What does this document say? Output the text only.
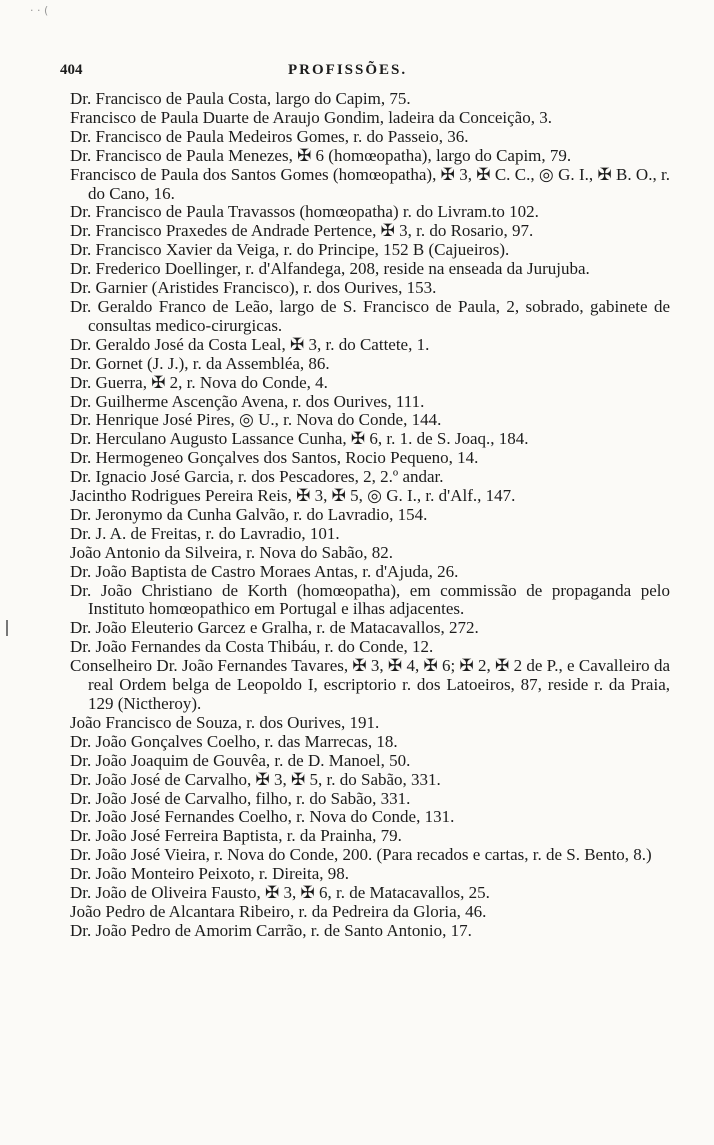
· · (
404	PROFISSÕES.
Dr. Francisco de Paula Costa, largo do Capim, 75.
Francisco de Paula Duarte de Araujo Gondim, ladeira da Conceição, 3.
Dr. Francisco de Paula Medeiros Gomes, r. do Passeio, 36.
Dr. Francisco de Paula Menezes, ✠ 6 (homœopatha), largo do Capim, 79.
Francisco de Paula dos Santos Gomes (homœopatha), ✠ 3, ✠ C. C., ◎ G. I., ✠ B. O., r. do Cano, 16.
Dr. Francisco de Paula Travassos (homœopatha) r. do Livram.to 102.
Dr. Francisco Praxedes de Andrade Pertence, ✠ 3, r. do Rosario, 97.
Dr. Francisco Xavier da Veiga, r. do Principe, 152 B (Cajueiros).
Dr. Frederico Doellinger, r. d'Alfandega, 208, reside na enseada da Jurujuba.
Dr. Garnier (Aristides Francisco), r. dos Ourives, 153.
Dr. Geraldo Franco de Leão, largo de S. Francisco de Paula, 2, sobrado, gabinete de consultas medico-cirurgicas.
Dr. Geraldo José da Costa Leal, ✠ 3, r. do Cattete, 1.
Dr. Gornet (J. J.), r. da Assembléa, 86.
Dr. Guerra, ✠ 2, r. Nova do Conde, 4.
Dr. Guilherme Ascenção Avena, r. dos Ourives, 111.
Dr. Henrique José Pires, ◎ U., r. Nova do Conde, 144.
Dr. Herculano Augusto Lassance Cunha, ✠ 6, r. 1. de S. Joaq., 184.
Dr. Hermogeneo Gonçalves dos Santos, Rocio Pequeno, 14.
Dr. Ignacio José Garcia, r. dos Pescadores, 2, 2.º andar.
Jacintho Rodrigues Pereira Reis, ✠ 3, ✠ 5, ◎ G. I., r. d'Alf., 147.
Dr. Jeronymo da Cunha Galvão, r. do Lavradio, 154.
Dr. J. A. de Freitas, r. do Lavradio, 101.
João Antonio da Silveira, r. Nova do Sabão, 82.
Dr. João Baptista de Castro Moraes Antas, r. d'Ajuda, 26.
Dr. João Christiano de Korth (homœopatha), em commissão de propaganda pelo Instituto homœopathico em Portugal e ilhas adjacentes.
Dr. João Eleuterio Garcez e Gralha, r. de Matacavallos, 272.
Dr. João Fernandes da Costa Thibáu, r. do Conde, 12.
Conselheiro Dr. João Fernandes Tavares, ✠ 3, ✠ 4, ✠ 6; ✠ 2, ✠ 2 de P., e Cavalleiro da real Ordem belga de Leopoldo I, escriptorio r. dos Latoeiros, 87, reside r. da Praia, 129 (Nictheroy).
João Francisco de Souza, r. dos Ourives, 191.
Dr. João Gonçalves Coelho, r. das Marrecas, 18.
Dr. João Joaquim de Gouvêa, r. de D. Manoel, 50.
Dr. João José de Carvalho, ✠ 3, ✠ 5, r. do Sabão, 331.
Dr. João José de Carvalho, filho, r. do Sabão, 331.
Dr. João José Fernandes Coelho, r. Nova do Conde, 131.
Dr. João José Ferreira Baptista, r. da Prainha, 79.
Dr. João José Vieira, r. Nova do Conde, 200. (Para recados e cartas, r. de S. Bento, 8.)
Dr. João Monteiro Peixoto, r. Direita, 98.
Dr. João de Oliveira Fausto, ✠ 3, ✠ 6, r. de Matacavallos, 25.
João Pedro de Alcantara Ribeiro, r. da Pedreira da Gloria, 46.
Dr. João Pedro de Amorim Carrão, r. de Santo Antonio, 17.
